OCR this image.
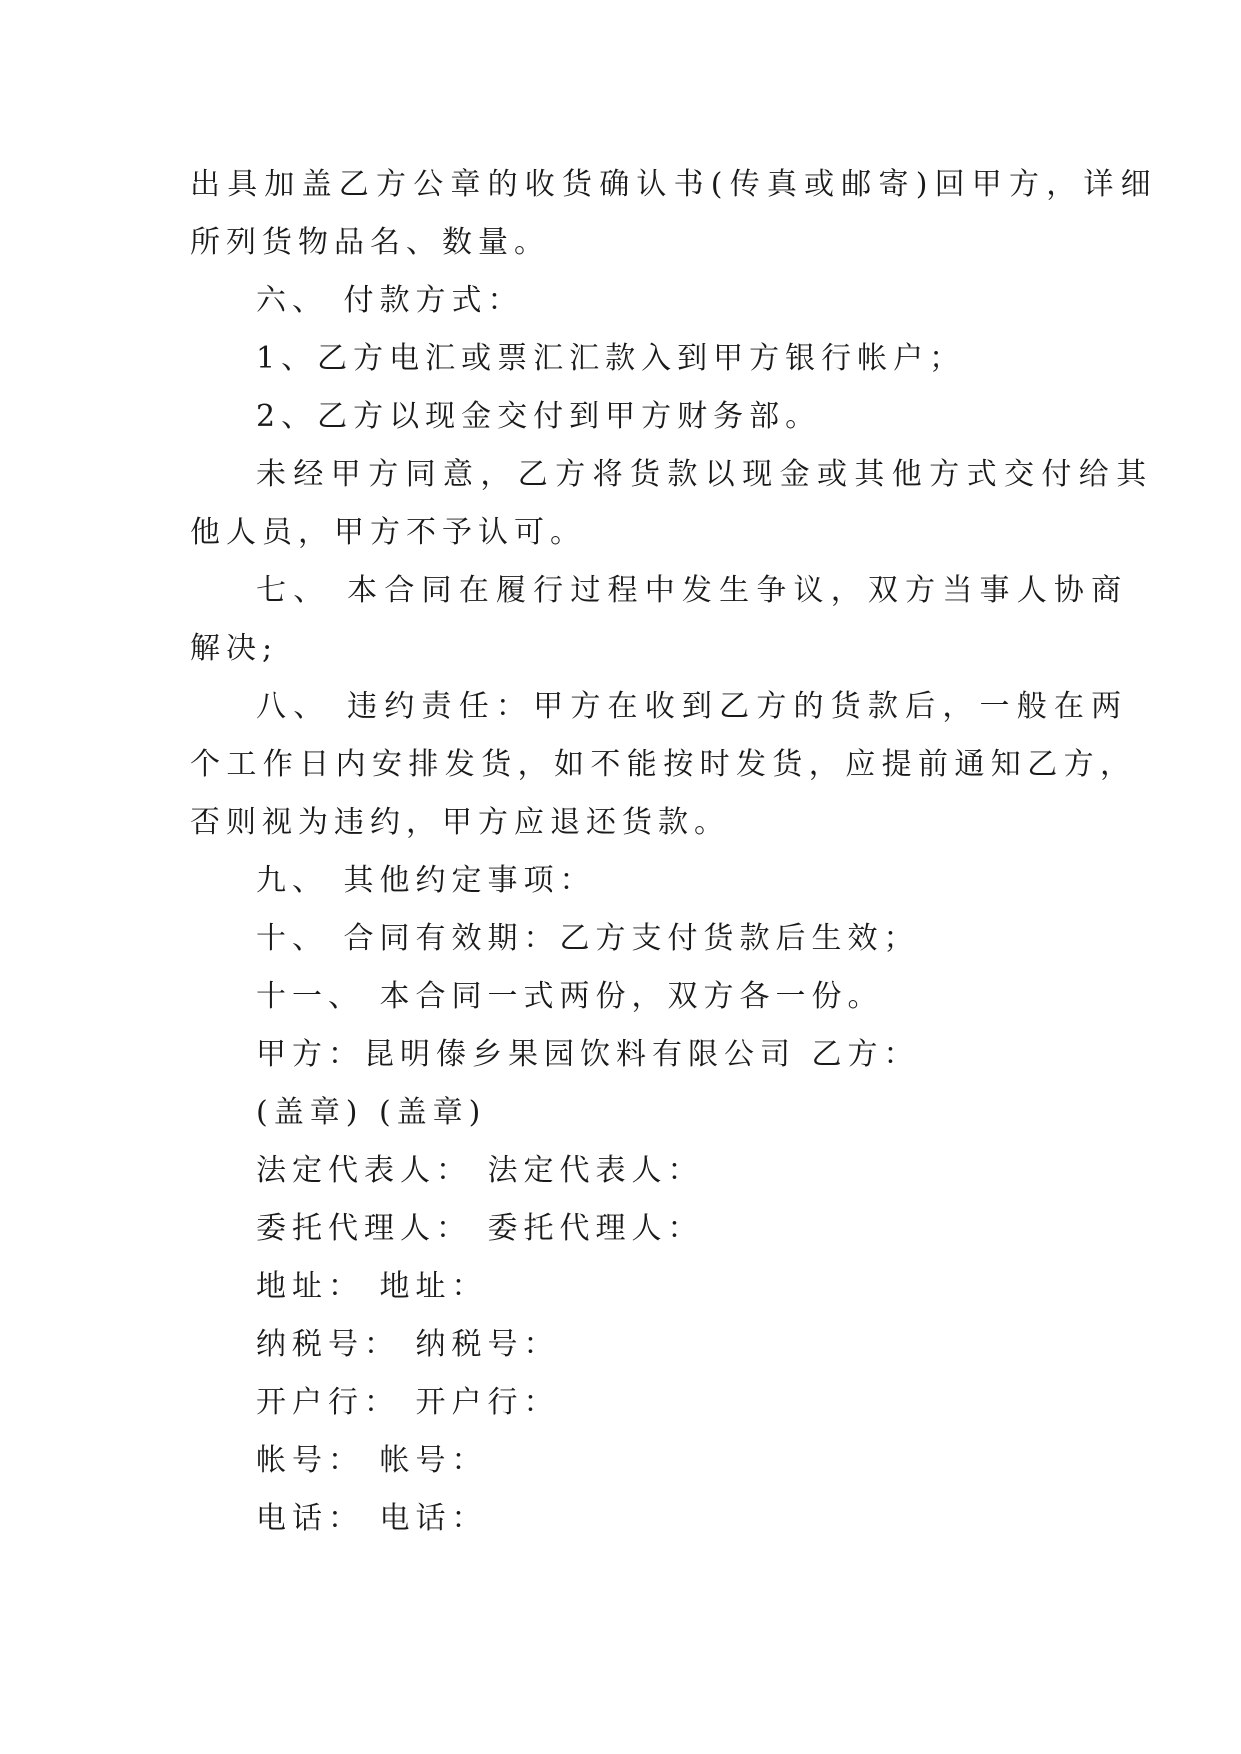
出具加盖乙方公章的收货确认书(传真或邮寄)回甲方，详细
所列货物品名、数量。
六、 付款方式：
1、乙方电汇或票汇汇款入到甲方银行帐户；
2、乙方以现金交付到甲方财务部。
未经甲方同意，乙方将货款以现金或其他方式交付给其
他人员，甲方不予认可。
七、 本合同在履行过程中发生争议，双方当事人协商
解决;
八、 违约责任：甲方在收到乙方的货款后，一般在两
个工作日内安排发货，如不能按时发货，应提前通知乙方，
否则视为违约，甲方应退还货款。
九、 其他约定事项：
十、 合同有效期：乙方支付货款后生效；
十一、 本合同一式两份，双方各一份。
甲方：昆明傣乡果园饮料有限公司 乙方：
(盖章) (盖章)
法定代表人： 法定代表人：
委托代理人： 委托代理人：
地址： 地址：
纳税号： 纳税号：
开户行： 开户行：
帐号： 帐号：
电话： 电话：
